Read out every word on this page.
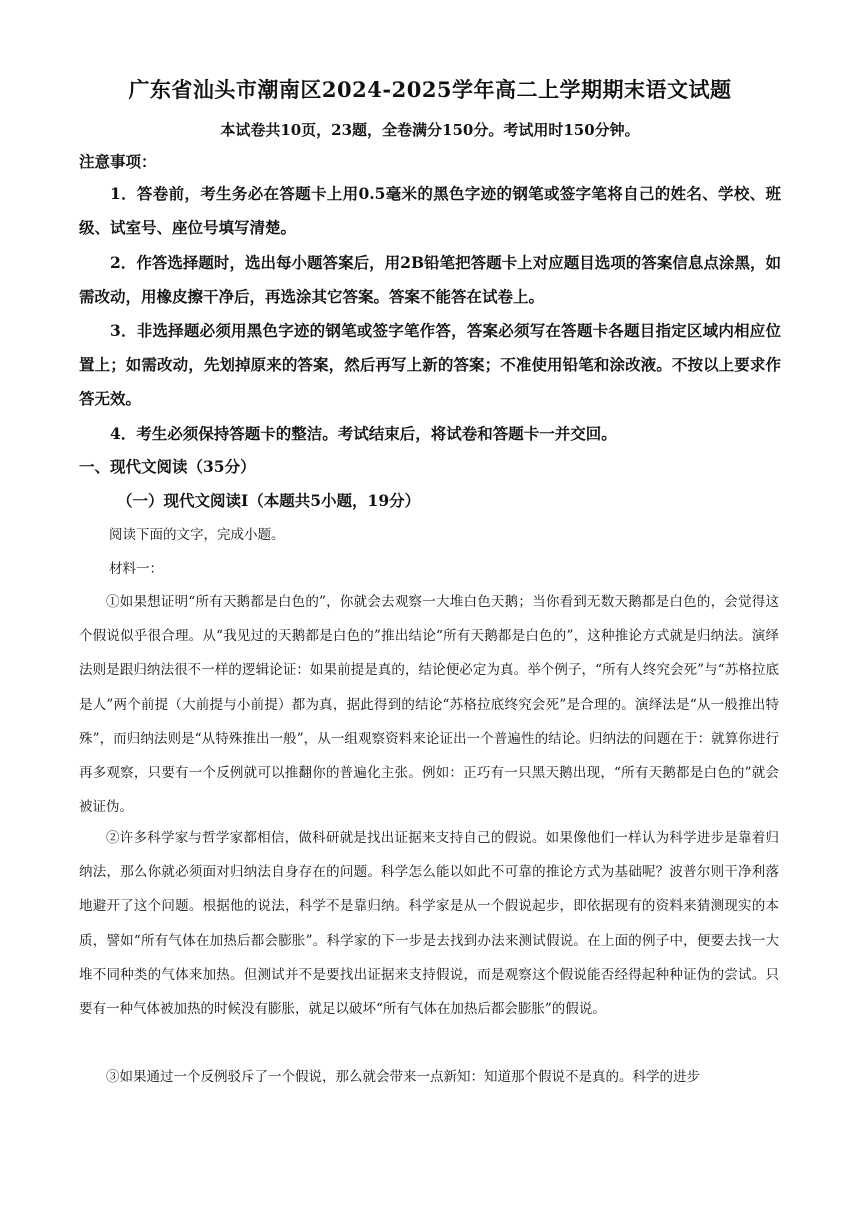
广东省汕头市潮南区2024-2025学年高二上学期期末语文试题
本试卷共10页，23题，全卷满分150分。考试用时150分钟。
注意事项：
1．答卷前，考生务必在答题卡上用0.5毫米的黑色字迹的钢笔或签字笔将自己的姓名、学校、班级、试室号、座位号填写清楚。
2．作答选择题时，选出每小题答案后，用2B铅笔把答题卡上对应题目选项的答案信息点涂黑，如需改动，用橡皮擦干净后，再选涂其它答案。答案不能答在试卷上。
3．非选择题必须用黑色字迹的钢笔或签字笔作答，答案必须写在答题卡各题目指定区域内相应位置上；如需改动，先划掉原来的答案，然后再写上新的答案；不准使用铅笔和涂改液。不按以上要求作答无效。
4．考生必须保持答题卡的整洁。考试结束后，将试卷和答题卡一并交回。
一、现代文阅读（35分）
（一）现代文阅读Ⅰ（本题共5小题，19分）
阅读下面的文字，完成小题。
材料一：
①如果想证明“所有天鹅都是白色的”，你就会去观察一大堆白色天鹅；当你看到无数天鹅都是白色的，会觉得这个假说似乎很合理。从“我见过的天鹅都是白色的”推出结论“所有天鹅都是白色的”，这种推论方式就是归纳法。演绎法则是跟归纳法很不一样的逻辑论证：如果前提是真的，结论便必定为真。举个例子，“所有人终究会死”与“苏格拉底是人”两个前提（大前提与小前提）都为真，据此得到的结论“苏格拉底终究会死”是合理的。演绎法是“从一般推出特殊”，而归纳法则是“从特殊推出一般”，从一组观察资料来论证出一个普遍性的结论。归纳法的问题在于：就算你进行再多观察，只要有一个反例就可以推翻你的普遍化主张。例如：正巧有一只黑天鹅出现，“所有天鹅都是白色的”就会被证伪。
②许多科学家与哲学家都相信，做科研就是找出证据来支持自己的假说。如果像他们一样认为科学进步是靠着归纳法，那么你就必须面对归纳法自身存在的问题。科学怎么能以如此不可靠的推论方式为基础呢？波普尔则干净利落地避开了这个问题。根据他的说法，科学不是靠归纳。科学家是从一个假说起步，即依据现有的资料来猜测现实的本质，譬如“所有气体在加热后都会膨胀”。科学家的下一步是去找到办法来测试假说。在上面的例子中，便要去找一大堆不同种类的气体来加热。但测试并不是要找出证据来支持假说，而是观察这个假说能否经得起种种证伪的尝试。只要有一种气体被加热的时候没有膨胀，就足以破坏“所有气体在加热后都会膨胀”的假说。
③如果通过一个反例驳斥了一个假说，那么就会带来一点新知：知道那个假说不是真的。科学的进步
